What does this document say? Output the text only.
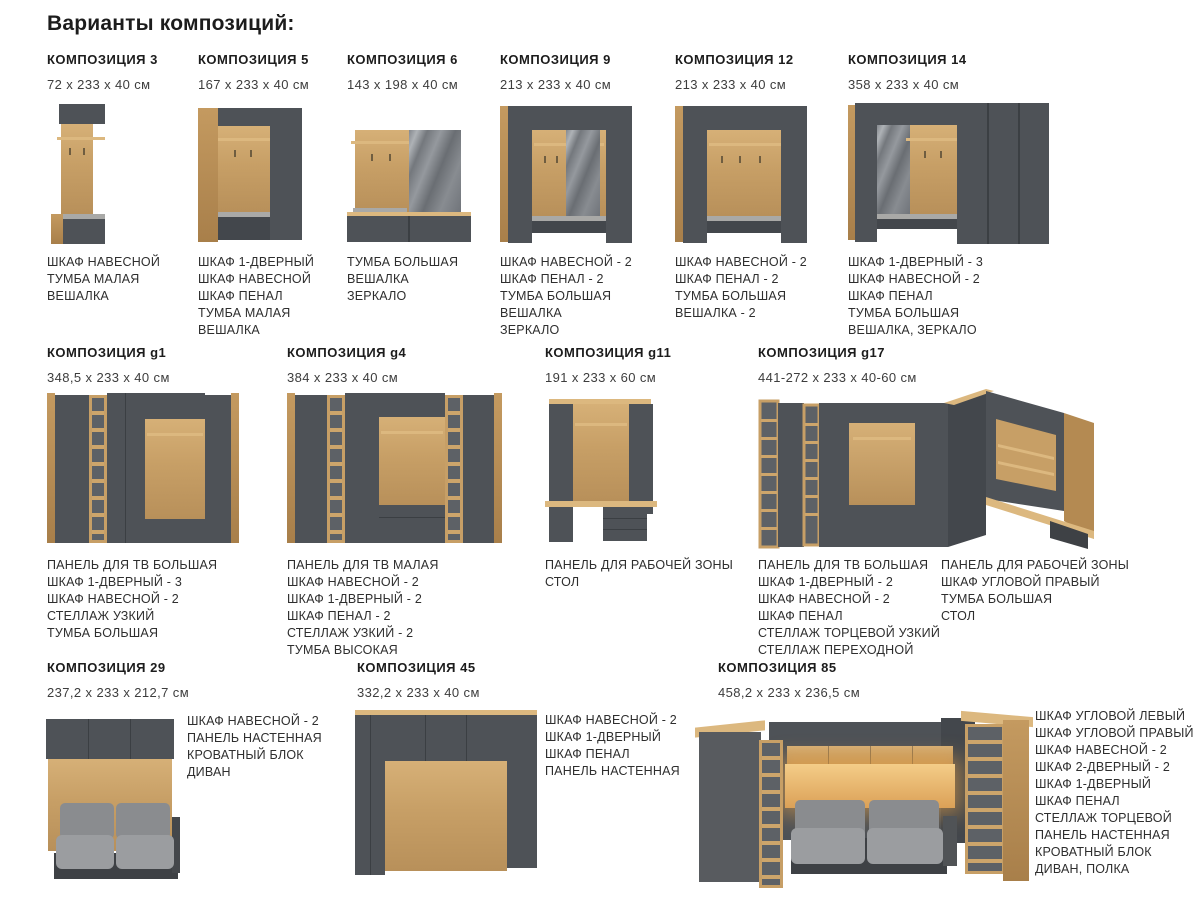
Варианты композиций:
КОМПОЗИЦИЯ 3
72 x 233 x 40 см
ШКАФ НАВЕСНОЙ
ТУМБА МАЛАЯ
ВЕШАЛКА
КОМПОЗИЦИЯ 5
167 x 233 x 40 см
ШКАФ 1-ДВЕРНЫЙ
ШКАФ НАВЕСНОЙ
ШКАФ ПЕНАЛ
ТУМБА МАЛАЯ
ВЕШАЛКА
КОМПОЗИЦИЯ 6
143 x 198 x 40 см
ТУМБА БОЛЬШАЯ
ВЕШАЛКА
ЗЕРКАЛО
КОМПОЗИЦИЯ 9
213 x 233 x 40 см
ШКАФ НАВЕСНОЙ - 2
ШКАФ ПЕНАЛ - 2
ТУМБА БОЛЬШАЯ
ВЕШАЛКА
ЗЕРКАЛО
КОМПОЗИЦИЯ 12
213 x 233 x 40 см
ШКАФ НАВЕСНОЙ - 2
ШКАФ ПЕНАЛ - 2
ТУМБА БОЛЬШАЯ
ВЕШАЛКА - 2
КОМПОЗИЦИЯ 14
358 x 233 x 40 см
ШКАФ 1-ДВЕРНЫЙ - 3
ШКАФ НАВЕСНОЙ - 2
ШКАФ ПЕНАЛ
ТУМБА БОЛЬШАЯ
ВЕШАЛКА, ЗЕРКАЛО
КОМПОЗИЦИЯ g1
348,5 x 233 x 40 см
ПАНЕЛЬ ДЛЯ ТВ БОЛЬШАЯ
ШКАФ 1-ДВЕРНЫЙ - 3
ШКАФ НАВЕСНОЙ - 2
СТЕЛЛАЖ УЗКИЙ
ТУМБА БОЛЬШАЯ
КОМПОЗИЦИЯ g4
384 x 233 x 40 см
ПАНЕЛЬ ДЛЯ ТВ МАЛАЯ
ШКАФ НАВЕСНОЙ - 2
ШКАФ 1-ДВЕРНЫЙ - 2
ШКАФ ПЕНАЛ - 2
СТЕЛЛАЖ УЗКИЙ - 2
ТУМБА ВЫСОКАЯ
КОМПОЗИЦИЯ g11
191 x 233 x 60 см
ПАНЕЛЬ ДЛЯ РАБОЧЕЙ ЗОНЫ
СТОЛ
КОМПОЗИЦИЯ g17
441-272 x 233 x 40-60 см
ПАНЕЛЬ ДЛЯ ТВ БОЛЬШАЯ
ШКАФ 1-ДВЕРНЫЙ - 2
ШКАФ НАВЕСНОЙ - 2
ШКАФ ПЕНАЛ
СТЕЛЛАЖ ТОРЦЕВОЙ УЗКИЙ
СТЕЛЛАЖ ПЕРЕХОДНОЙ
ПАНЕЛЬ ДЛЯ РАБОЧЕЙ ЗОНЫ
ШКАФ УГЛОВОЙ ПРАВЫЙ
ТУМБА БОЛЬШАЯ
СТОЛ
КОМПОЗИЦИЯ 29
237,2 x 233 x 212,7 см
ШКАФ НАВЕСНОЙ - 2
ПАНЕЛЬ НАСТЕННАЯ
КРОВАТНЫЙ БЛОК
ДИВАН
КОМПОЗИЦИЯ 45
332,2 x 233 x 40 см
ШКАФ НАВЕСНОЙ - 2
ШКАФ 1-ДВЕРНЫЙ
ШКАФ ПЕНАЛ
ПАНЕЛЬ НАСТЕННАЯ
КОМПОЗИЦИЯ 85
458,2 x 233 x 236,5 см
ШКАФ УГЛОВОЙ ЛЕВЫЙ
ШКАФ УГЛОВОЙ ПРАВЫЙ
ШКАФ НАВЕСНОЙ - 2
ШКАФ 2-ДВЕРНЫЙ - 2
ШКАФ 1-ДВЕРНЫЙ
ШКАФ ПЕНАЛ
СТЕЛЛАЖ ТОРЦЕВОЙ
ПАНЕЛЬ НАСТЕННАЯ
КРОВАТНЫЙ БЛОК
ДИВАН, ПОЛКА
